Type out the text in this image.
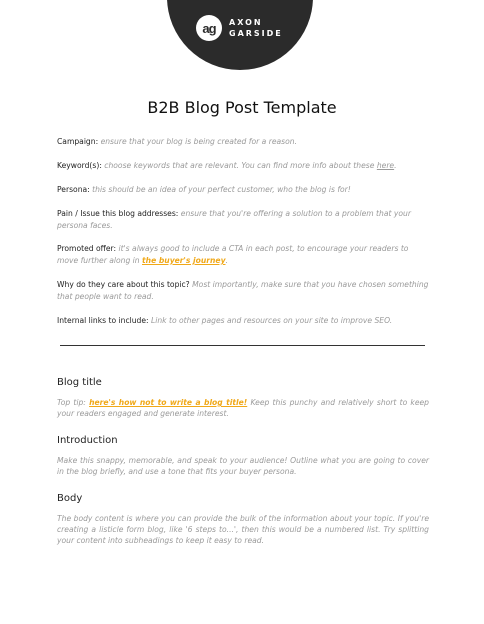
ag AXON
GARSIDE
B2B Blog Post Template
Campaign: ensure that your blog is being created for a reason.
Keyword(s): choose keywords that are relevant. You can find more info about these here.
Persona: this should be an idea of your perfect customer, who the blog is for!
Pain / Issue this blog addresses: ensure that you're offering a solution to a problem that your persona faces.
Promoted offer: it's always good to include a CTA in each post, to encourage your readers to move further along in the buyer's journey.
Why do they care about this topic? Most importantly, make sure that you have chosen something that people want to read.
Internal links to include: Link to other pages and resources on your site to improve SEO.
Blog title
Top tip: here's how not to write a blog title! Keep this punchy and relatively short to keep your readers engaged and generate interest.
Introduction
Make this snappy, memorable, and speak to your audience! Outline what you are going to cover in the blog briefly, and use a tone that fits your buyer persona.
Body
The body content is where you can provide the bulk of the information about your topic. If you're creating a listicle form blog, like '6 steps to...', then this would be a numbered list. Try splitting your content into subheadings to keep it easy to read.
